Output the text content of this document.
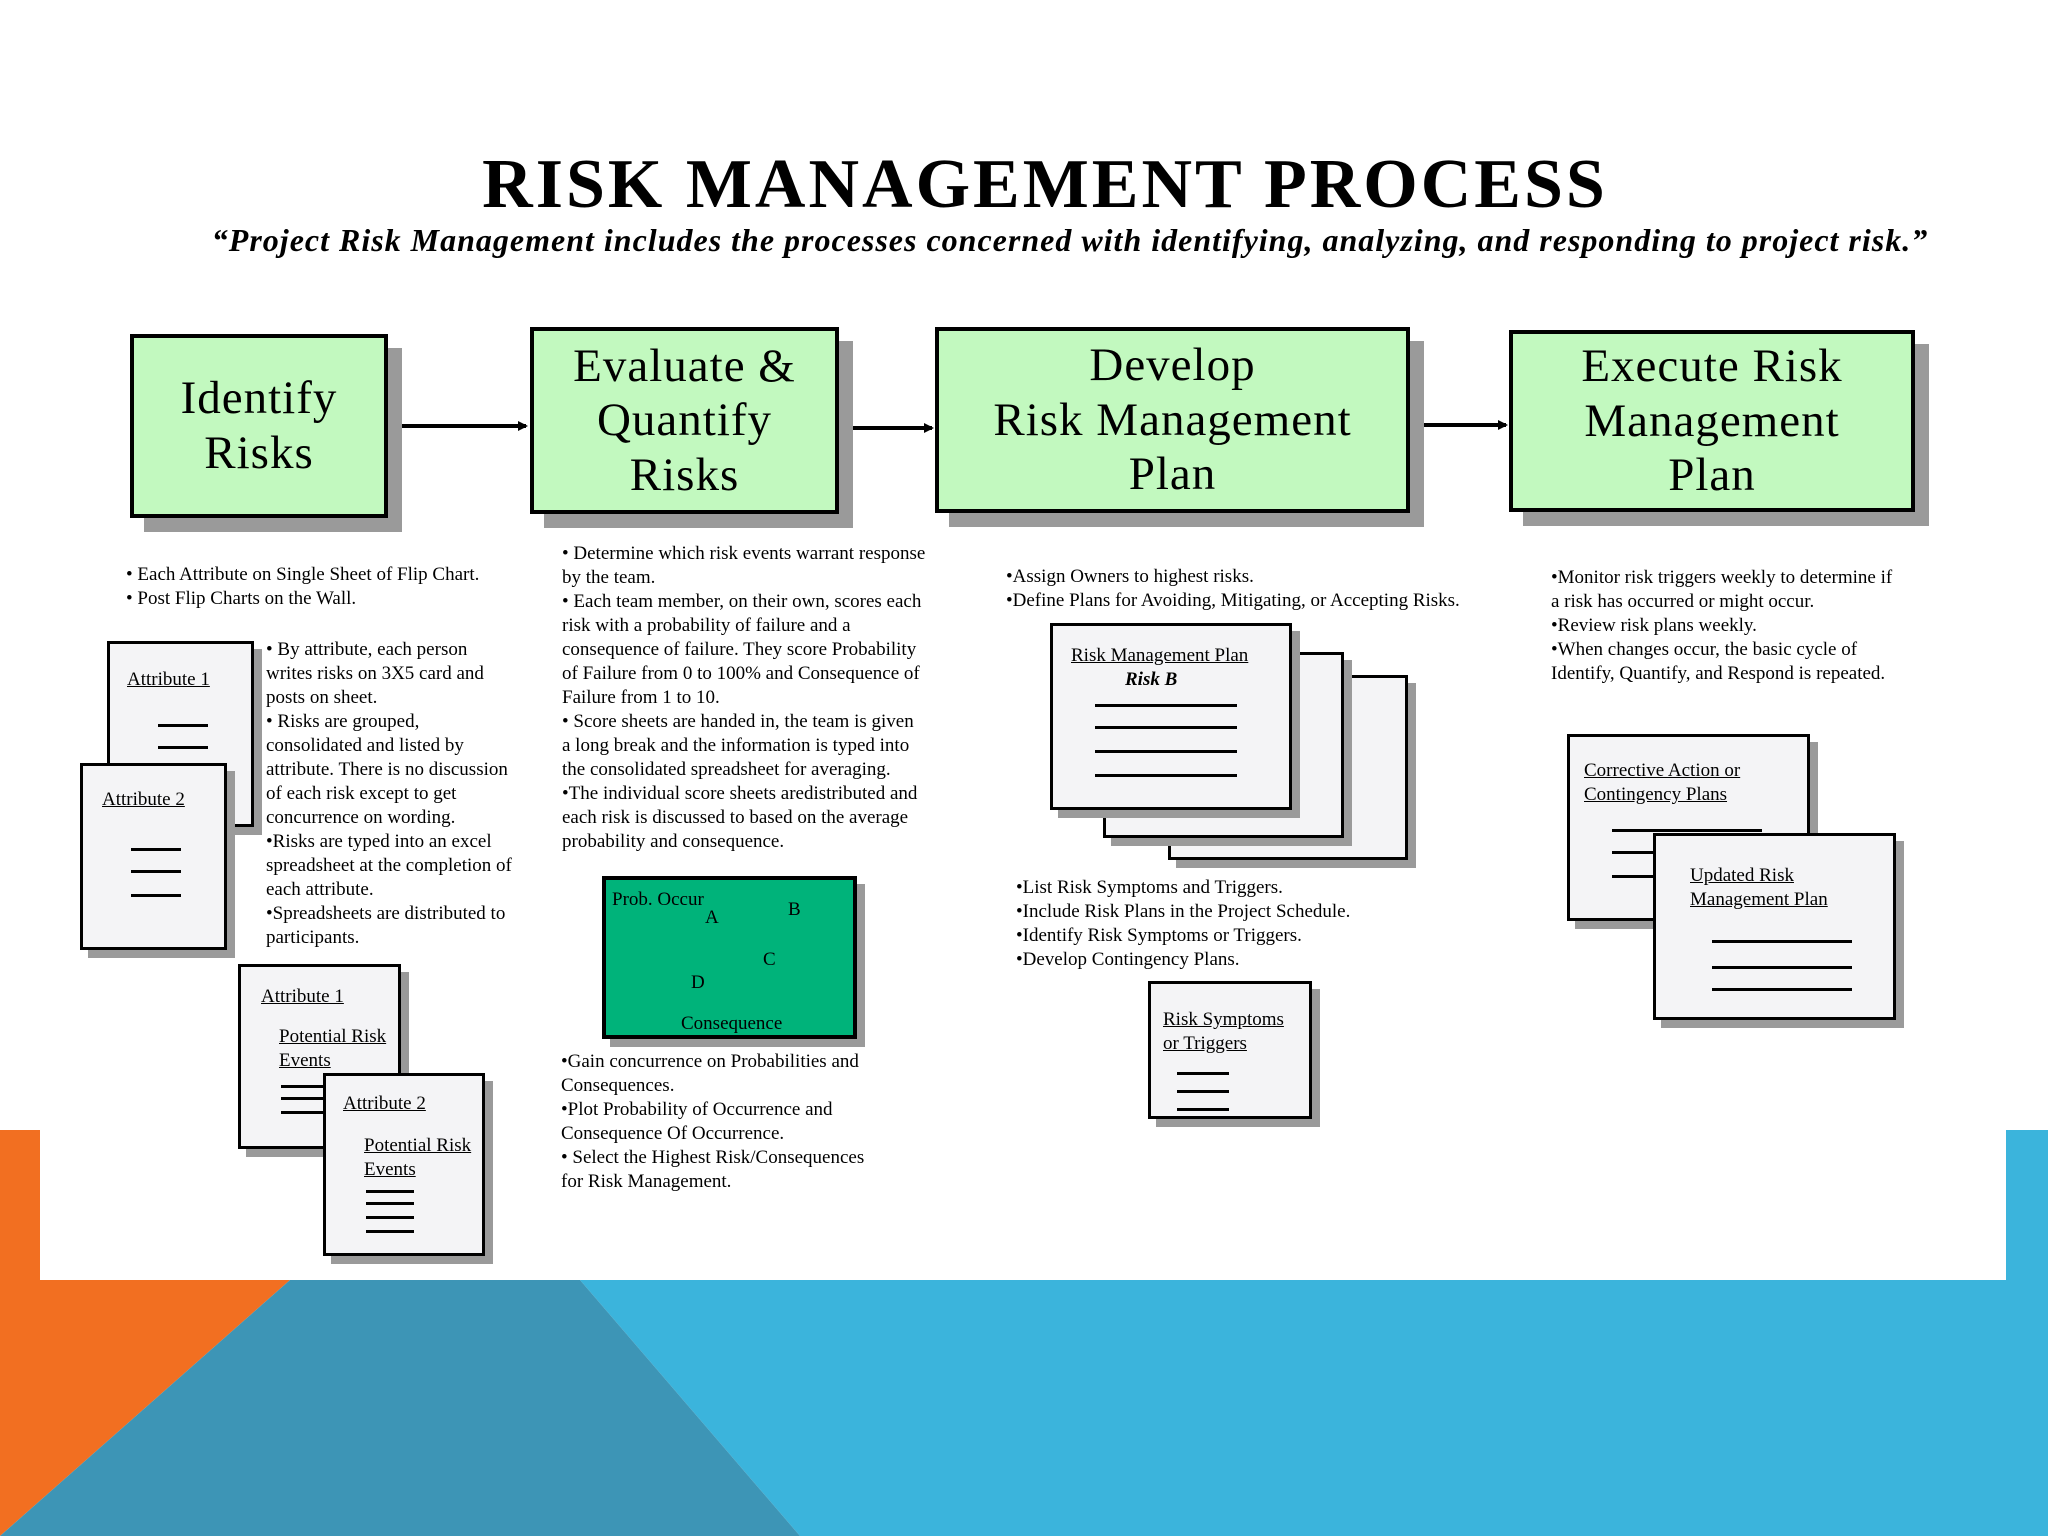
RISK MANAGEMENT PROCESS
“Project Risk Management includes the processes concerned with identifying, analyzing, and responding to project risk.”
Identify
Risks
Evaluate &
Quantify
Risks
Develop
Risk Management
Plan
Execute Risk
Management
Plan
• Each Attribute on Single Sheet of Flip Chart.
• Post Flip Charts on the Wall.
Attribute 1
Attribute 2
• By attribute, each person
writes risks on 3X5 card and
posts on sheet.
• Risks are grouped,
consolidated and listed by
attribute. There is no discussion
of each risk except to get
concurrence on wording.
•Risks are typed into an excel
spreadsheet at the completion of
each attribute.
•Spreadsheets are distributed to
participants.
Attribute 1
Potential Risk
Events
Attribute 2
Potential Risk
Events
• Determine which risk events warrant response
by the team.
• Each team member, on their own, scores each
risk with a probability of failure and a
consequence of failure. They score Probability
of Failure from 0 to 100% and Consequence of
Failure from 1 to 10.
• Score sheets are handed in, the team is given
a long break and the information is typed into
the consolidated spreadsheet for averaging.
•The individual score sheets aredistributed and
each risk is discussed to based on the average
probability and consequence.
Prob. Occur
A	B
C
D
Consequence
•Gain concurrence on Probabilities and
Consequences.
•Plot Probability of Occurrence and
Consequence Of Occurrence.
• Select the Highest Risk/Consequences
for Risk Management.
•Assign Owners to highest risks.
•Define Plans for Avoiding, Mitigating, or Accepting Risks.
Risk Management Plan
Risk B
•List Risk Symptoms and Triggers.
•Include Risk Plans in the Project Schedule.
•Identify Risk Symptoms or Triggers.
•Develop Contingency Plans.
Risk Symptoms
or Triggers
•Monitor risk triggers weekly to determine if
a risk has occurred or might occur.
•Review risk plans weekly.
•When changes occur, the basic cycle of
Identify, Quantify, and Respond is repeated.
Corrective Action or
Contingency Plans
Updated Risk
Management Plan
